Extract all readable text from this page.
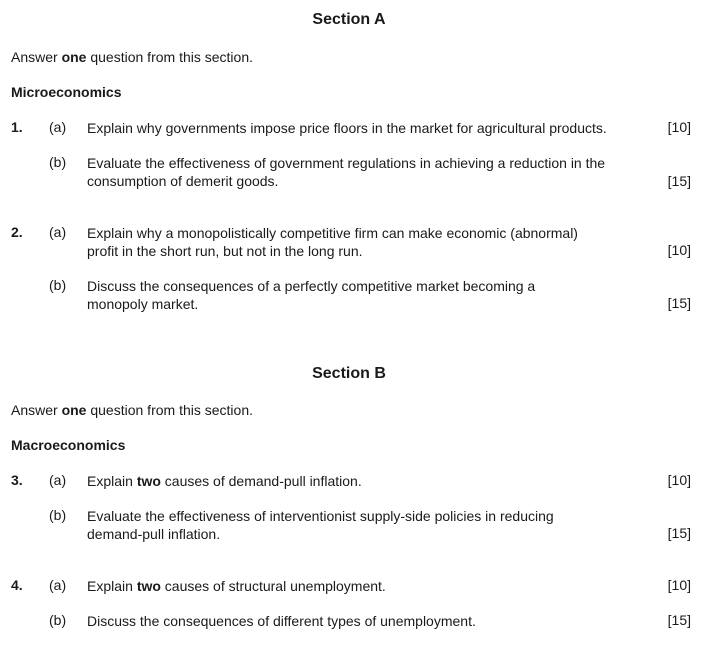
Section A
Answer one question from this section.
Microeconomics
1. (a) Explain why governments impose price floors in the market for agricultural products.	[10]
(b) Evaluate the effectiveness of government regulations in achieving a reduction in the
consumption of demerit goods.	[15]
2. (a) Explain why a monopolistically competitive firm can make economic (abnormal)
profit in the short run, but not in the long run.	[10]
(b) Discuss the consequences of a perfectly competitive market becoming a
monopoly market.	[15]
Section B
Answer one question from this section.
Macroeconomics
3. (a) Explain two causes of demand-pull inflation.	[10]
(b) Evaluate the effectiveness of interventionist supply-side policies in reducing
demand-pull inflation.	[15]
4. (a) Explain two causes of structural unemployment.	[10]
(b) Discuss the consequences of different types of unemployment.	[15]
